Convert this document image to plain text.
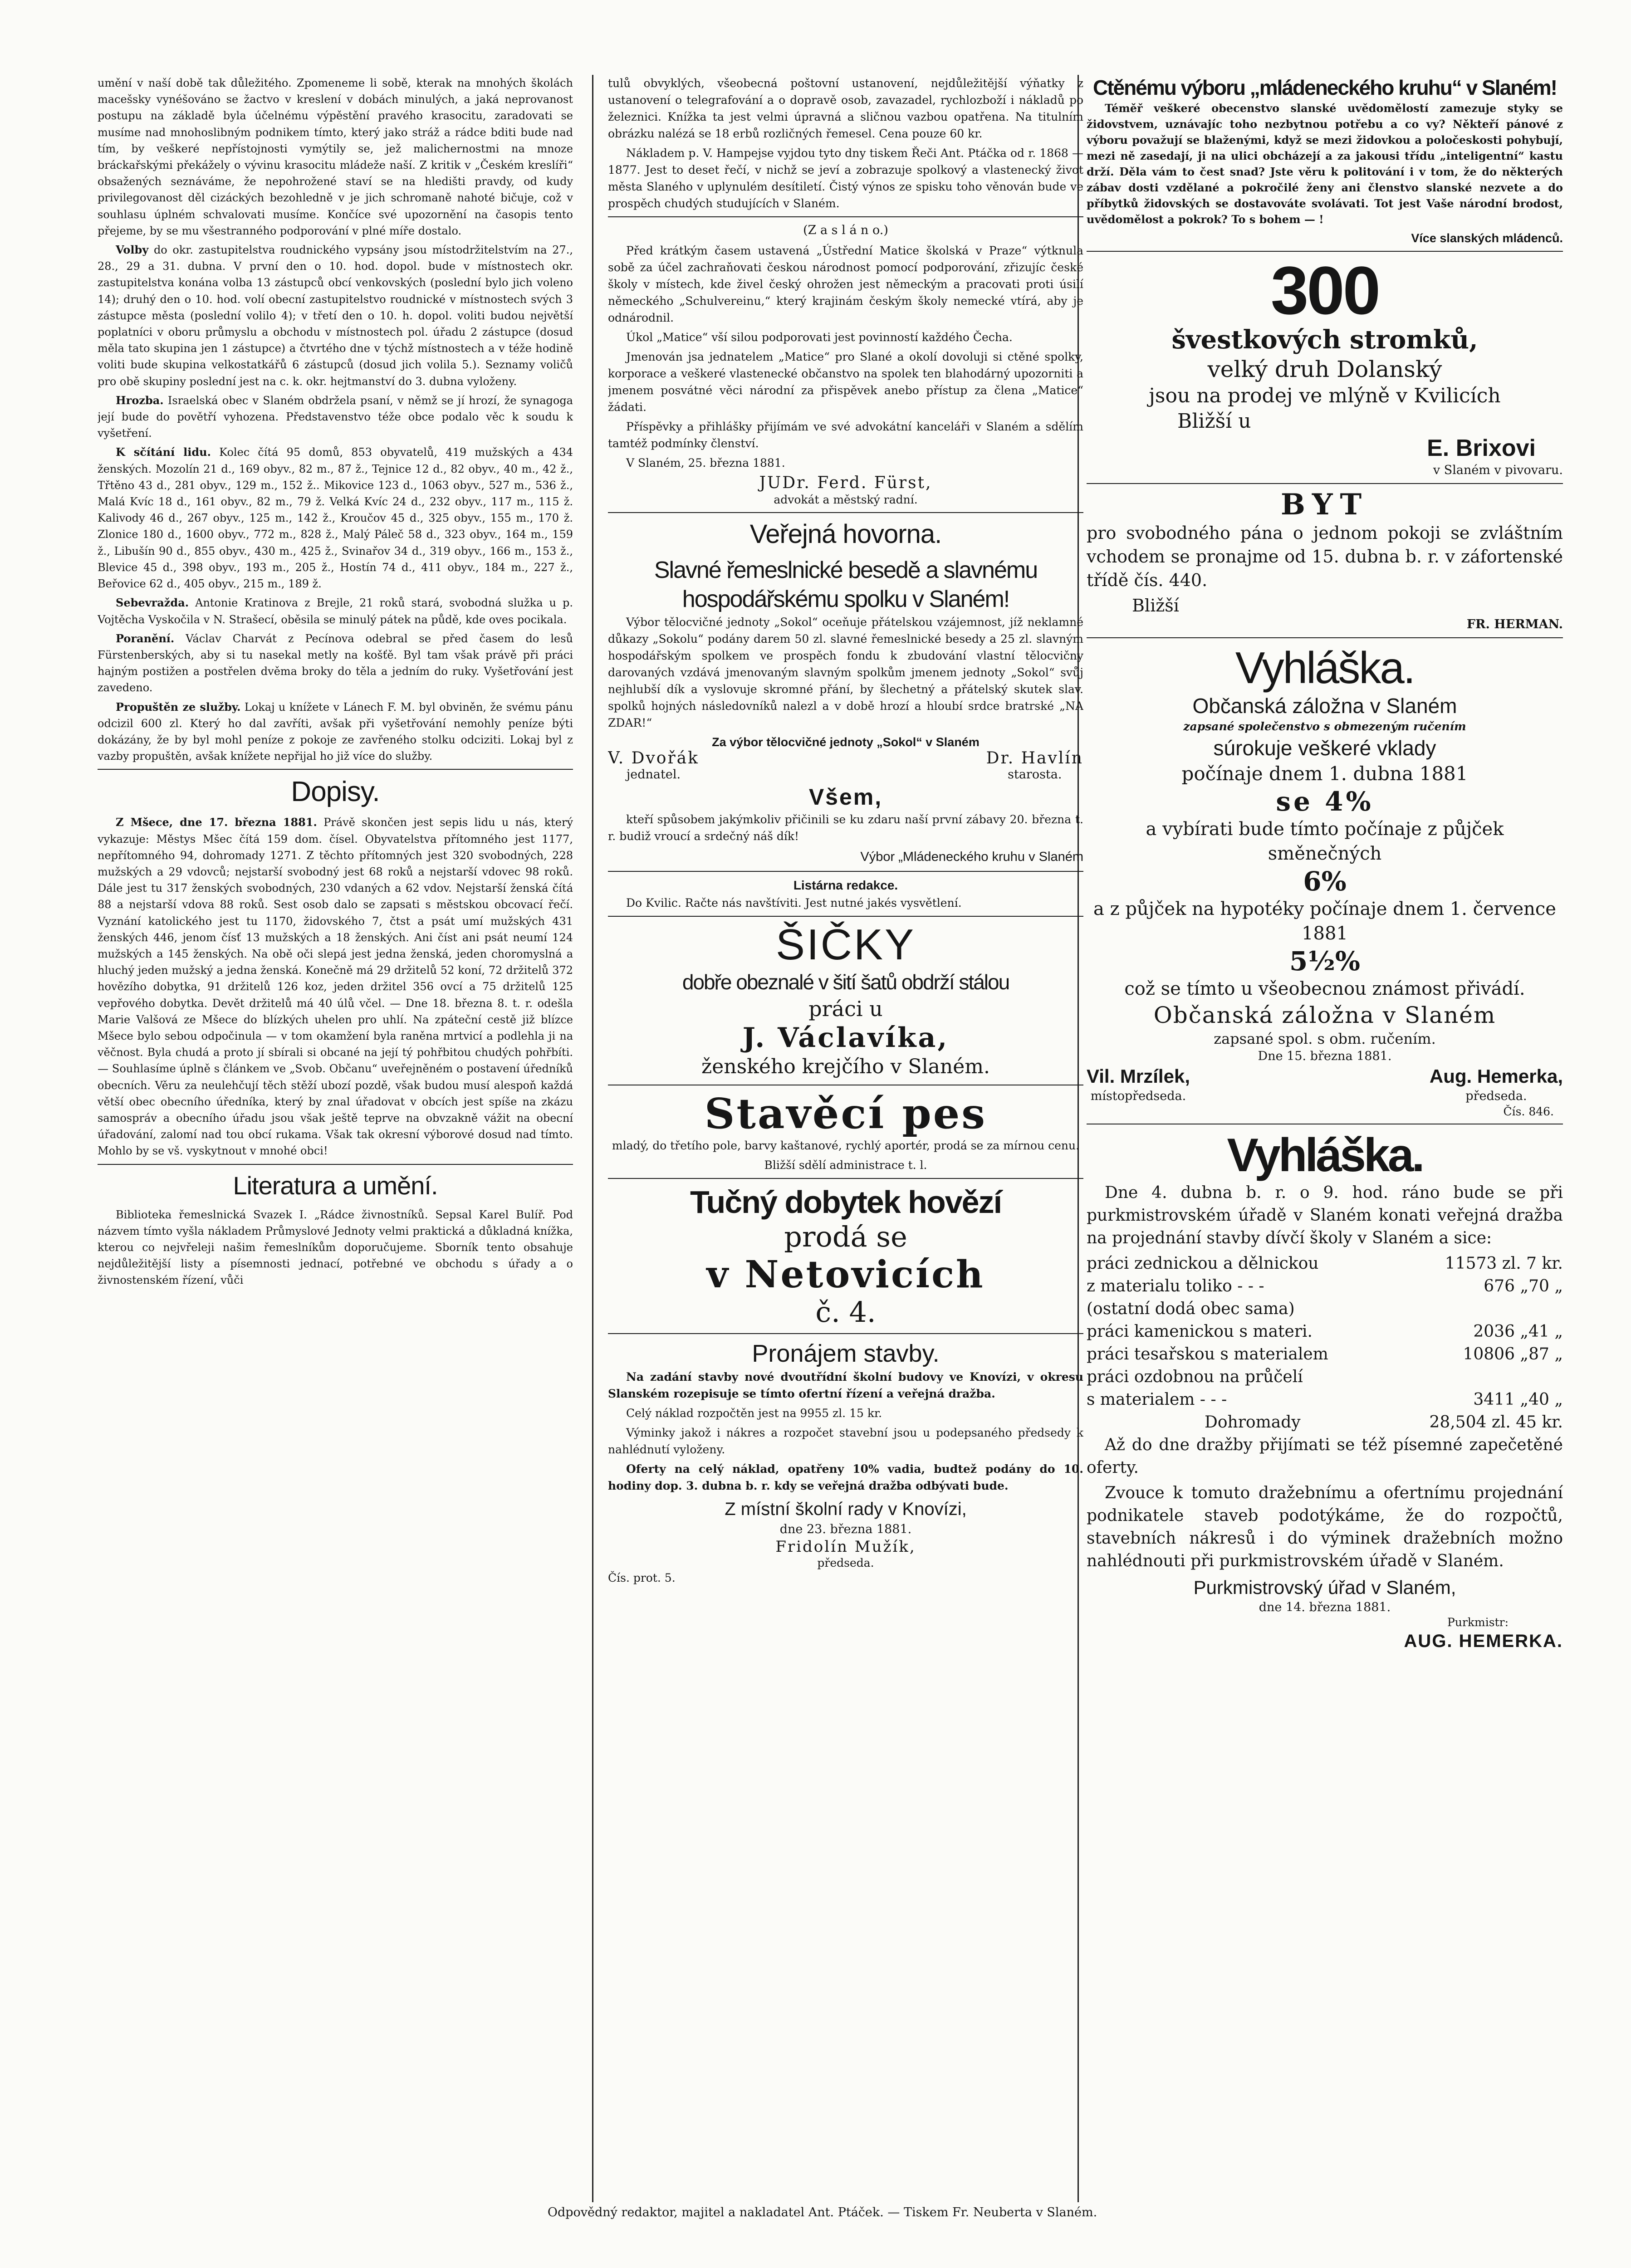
umění v naší době tak důležitého. Zpomeneme li sobě, kterak na mnohých školách macešsky vynéšováno se žactvo v kreslení v dobách minulých, a jaká neprovanost postupu na základě byla účelnému výpěstění pravého krasocitu, zaradovati se musíme nad mnohoslibným podnikem tímto, který jako stráž a rádce bditi bude nad tím, by veškeré nepřístojnosti vymýtily se, jež malichernostmi na mnoze bráckařskými překážely o vývinu krasocitu mládeže naší. Z kritik v „Českém kreslíři“ obsažených seznáváme, že nepohrožené staví se na hledišti pravdy, od kudy privilegovanost děl cizáckých bezohledně v je jich schromaně nahoté bičuje, což v souhlasu úplném schvalovati musíme. Končíce své upozornění na časopis tento přejeme, by se mu všestranného podporování v plné míře dostalo.

Volby do okr. zastupitelstva roudnického vypsány jsou místodržitelstvím na 27., 28., 29 a 31. dubna. V první den o 10. hod. dopol. bude v místnostech okr. zastupitelstva konána volba 13 zástupců obcí venkovských (poslední bylo jich voleno 14); druhý den o 10. hod. volí obecní zastupitelstvo roudnické v místnostech svých 3 zástupce města (poslední volilo 4); v třetí den o 10. h. dopol. voliti budou největší poplatníci v oboru průmyslu a obchodu v místnostech pol. úřadu 2 zástupce (dosud měla tato skupina jen 1 zástupce) a čtvrtého dne v týchž místnostech a v téže hodině voliti bude skupina velkostatkářů 6 zástupců (dosud jich volila 5.). Seznamy voličů pro obě skupiny poslední jest na c. k. okr. hejtmanství do 3. dubna vyloženy.

Hrozba. Israelská obec v Slaném obdržela psaní, v němž se jí hrozí, že synagoga její bude do povětří vyhozena. Představenstvo téže obce podalo věc k soudu k vyšetření.

K sčítání lidu. Kolec čítá 95 domů, 853 obyvatelů, 419 mužských a 434 ženských. Mozolín 21 d., 169 obyv., 82 m., 87 ž., Tejnice 12 d., 82 obyv., 40 m., 42 ž., Třtěno 43 d., 281 obyv., 129 m., 152 ž.. Mikovice 123 d., 1063 obyv., 527 m., 536 ž., Malá Kvíc 18 d., 161 obyv., 82 m., 79 ž. Velká Kvíc 24 d., 232 obyv., 117 m., 115 ž. Kalivody 46 d., 267 obyv., 125 m., 142 ž., Kroučov 45 d., 325 obyv., 155 m., 170 ž. Zlonice 180 d., 1600 obyv., 772 m., 828 ž., Malý Páleč 58 d., 323 obyv., 164 m., 159 ž., Libušín 90 d., 855 obyv., 430 m., 425 ž., Svinařov 34 d., 319 obyv., 166 m., 153 ž., Blevice 45 d., 398 obyv., 193 m., 205 ž., Hostín 74 d., 411 obyv., 184 m., 227 ž., Beřovice 62 d., 405 obyv., 215 m., 189 ž.

Sebevražda. Antonie Kratinova z Brejle, 21 roků stará, svobodná služka u p. Vojtěcha Vyskočila v N. Strašecí, oběsila se minulý pátek na půdě, kde oves pocikala.

Poranění. Václav Charvát z Pecínova odebral se před časem do lesů Fürstenberských, aby si tu nasekal metly na košťě. Byl tam však právě při práci hajným postižen a postřelen dvěma broky do těla a jedním do ruky. Vyšetřování jest zavedeno.

Propuštěn ze služby. Lokaj u knížete v Lánech F. M. byl obviněn, že svému pánu odcizil 600 zl. Který ho dal zavříti, avšak při vyšetřování nemohly peníze býti dokázány, že by byl mohl peníze z pokoje ze zavřeného stolku odciziti. Lokaj byl z vazby propuštěn, avšak knížete nepřijal ho již více do služby.

Dopisy.

Z Mšece, dne 17. března 1881. Právě skončen jest sepis lidu u nás, který vykazuje: Městys Mšec čítá 159 dom. čísel. Obyvatelstva přítomného jest 1177, nepřítomného 94, dohromady 1271. Z těchto přítomných jest 320 svobodných, 228 mužských a 29 vdovců; nejstarší svobodný jest 68 roků a nejstarší vdovec 98 roků. Dále jest tu 317 ženských svobodných, 230 vdaných a 62 vdov. Nejstarší ženská čítá 88 a nejstarší vdova 88 roků. Sest osob dalo se zapsati s městskou obcovací řečí. Vyznání katolického jest tu 1170, židovského 7, čtst a psát umí mužských 431 ženských 446, jenom čísť 13 mužských a 18 ženských. Ani číst ani psát neumí 124 mužských a 145 ženských. Na obě oči slepá jest jedna ženská, jeden choromyslná a hluchý jeden mužský a jedna ženská. Konečně má 29 držitelů 52 koní, 72 držitelů 372 hovězího dobytka, 91 držitelů 126 koz, jeden držitel 356 ovcí a 75 držitelů 125 vepřového dobytka. Devět držitelů má 40 úlů včel. — Dne 18. března 8. t. r. odešla Marie Valšová ze Mšece do blízkých uhelen pro uhlí. Na zpáteční cestě již blízce Mšece bylo sebou odpočinula — v tom okamžení byla raněna mrtvicí a podlehla ji na věčnost. Byla chudá a proto jí sbírali si obcané na její tý pohřbitou chudých pohřbíti. — Souhlasíme úplně s článkem ve „Svob. Občanu“ uveřejněném o postavení úředníků obecních. Věru za neulehčují těch stěží ubozí pozdě, však budou musí alespoň každá větší obec obecního úředníka, který by znal úřadovat v obcích jest spíše na zkázu samospráv a obecního úřadu jsou však ještě teprve na obvzakně vážit na obecní úřadování, zalomí nad tou obcí rukama. Však tak okresní výborové dosud nad tímto. Mohlo by se vš. vyskytnout v mnohé obci!

Literatura a umění.

Biblioteka řemeslnická Svazek I. „Rádce živnostníků. Sepsal Karel Bulíř. Pod názvem tímto vyšla nákladem Průmyslové Jednoty velmi praktická a důkladná knížka, kterou co nejvřeleji našim řemeslníkům doporučujeme. Sborník tento obsahuje nejdůležitější listy a písemnosti jednací, potřebné ve obchodu s úřady a o živnostenském řízení, vůči

tulů obvyklých, všeobecná poštovní ustanovení, nejdůležitější výňatky z ustanovení o telegrafování a o dopravě osob, zavazadel, rychlozboží i nákladů po železnici. Knížka ta jest velmi úpravná a sličnou vazbou opatřena. Na titulním obrázku nalézá se 18 erbů rozličných řemesel. Cena pouze 60 kr.

Nákladem p. V. Hampejse vyjdou tyto dny tiskem Řeči Ant. Ptáčka od r. 1868 — 1877. Jest to deset řečí, v nichž se jeví a zobrazuje spolkový a vlastenecký život města Slaného v uplynulém desítiletí. Čistý výnos ze spisku toho věnován bude ve prospěch chudých studujících v Slaném.

(Z a s l á n o.)

Před krátkým časem ustavená „Ústřední Matice školská v Praze“ výtknula sobě za účel zachraňovati českou národnost pomocí podporování, zřizujíc české školy v místech, kde živel český ohrožen jest německým a pracovati proti úsilí německého „Schulvereinu,“ který krajinám českým školy nemecké vtírá, aby je odnárodnil.

Úkol „Matice“ vší silou podporovati jest povinností každého Čecha.

Jmenován jsa jednatelem „Matice“ pro Slané a okolí dovoluji si ctěné spolky, korporace a veškeré vlastenecké občanstvo na spolek ten blahodárný upozorniti a jmenem posvátné věci národní za přispěvek anebo přístup za člena „Matice“ žádati.

Příspěvky a přihlášky přijímám ve své advokátní kanceláři v Slaném a sdělím tamtéž podmínky členství.

V Slaném, 25. března 1881.

JUDr. Ferd. Fürst,
advokát a městský radní.
Veřejná hovorna.
Slavné řemeslnické besedě a slavnému hospodářskému spolku v Slaném!

Výbor tělocvičné jednoty „Sokol“ oceňuje přátelskou vzájemnost, jíž neklamné důkazy „Sokolu“ podány darem 50 zl. slavné řemeslnické besedy a 25 zl. slavným hospodářským spolkem ve prospěch fondu k zbudování vlastní tělocvičny darovaných vzdává jmenovaným slavným spolkům jmenem jednoty „Sokol“ svůj nejhlubší dík a vyslovuje skromné přání, by šlechetný a přátelský skutek slav. spolků hojných následovníků nalezl a v době hrozí a hloubí srdce bratrské „NA ZDAR!“

Za výbor tělocvičné jednoty „Sokol“ v Slaném
V. Dvořák
jednatel.
Dr. Havlín
starosta.
Všem,

kteří spůsobem jakýmkoliv přičinili se ku zdaru naší první zábavy 20. března t. r. budiž vroucí a srdečný náš dík!

Výbor „Mládeneckého kruhu v Slaném
Listárna redakce.

Do Kvilic. Račte nás navštíviti. Jest nutné jakés vysvětlení.

ŠIČKY
dobře obeznalé v šití šatů obdrží stálou
práci u
J. Václavíka,
ženského krejčího v Slaném.
Stavěcí pes

mladý, do třetího pole, barvy kaštanové, rychlý aportér, prodá se za mírnou cenu.

Bližší sdělí administrace t. l.

Tučný dobytek hovězí
prodá se
v Netovicích
č. 4.
Pronájem stavby.

Na zadání stavby nové dvoutřídní školní budovy ve Knovízi, v okresu Slanském rozepisuje se tímto ofertní řízení a veřejná dražba.

Celý náklad rozpočtěn jest na 9955 zl. 15 kr.

Výminky jakož i nákres a rozpočet stavební jsou u podepsaného předsedy k nahlédnutí vyloženy.

Oferty na celý náklad, opatřeny 10% vadia, budtež podány do 10. hodiny dop. 3. dubna b. r. kdy se veřejná dražba odbývati bude.

Z místní školní rady v Knovízi,
dne 23. března 1881.
Fridolín Mužík,
předseda.
Čís. prot. 5.
Ctěnému výboru „mládeneckého kruhu“ v Slaném!

Téměř veškeré obecenstvo slanské uvědomělostí zamezuje styky se židovstvem, uznávajíc toho nezbytnou potřebu a co vy? Někteří pánové z výboru považují se blaženými, když se mezi židovkou a poločeskosti pohybují, mezi ně zasedají, ji na ulici obcházejí a za jakousi třídu „inteligentní“ kastu drží. Děla vám to čest snad? Jste věru k politování i v tom, že do některých zábav dosti vzdělané a pokročilé ženy ani členstvo slanské nezvete a do příbytků židovských se dostavováte svolávati. Tot jest Vaše národní brodost, uvědomělost a pokrok? To s bohem — !

Více slanských mládenců.
300
švestkových stromků,
velký druh Dolanský
jsou na prodej ve mlýně v Kvilicích
Bližší u
E. Brixovi
v Slaném v pivovaru.
BYT

pro svobodného pána o jednom pokoji se zvláštním vchodem se pronajme od 15. dubna b. r. v záfortenské třídě čís. 440.

Bližší
FR. HERMAN.
Vyhláška.
Občanská záložna v Slaném
zapsané společenstvo s obmezeným ručením
súrokuje veškeré vklady
počínaje dnem 1. dubna 1881
se 4%
a vybírati bude tímto počínaje z půjček směnečných
6%
a z půjček na hypotéky počínaje dnem 1. července 1881
5½%
což se tímto u všeobecnou známost přivádí.
Občanská záložna v Slaném
zapsané spol. s obm. ručením.
Dne 15. března 1881.
Vil. Mrzílek,
místopředseda.
Aug. Hemerka,
předseda.
Čís. 846.
Vyhláška.

Dne 4. dubna b. r. o 9. hod. ráno bude se při purkmistrovském úřadě v Slaném konati veřejná dražba na projednání stavby dívčí školy v Slaném a sice:

práci zednickou a dělnickou	11573 zl. 7 kr.
z materialu toliko - - -	676 „70 „
(ostatní dodá obec sama)
práci kamenickou s materi.	2036 „41 „
práci tesařskou s materialem	10806 „87 „
práci ozdobnou na průčelí
s materialem - - -	3411 „40 „
Dohromady	28,504 zl. 45 kr.

Až do dne dražby přijímati se též písemné zapečetěné oferty.

Zvouce k tomuto dražebnímu a ofertnímu projednání podnikatele staveb podotýkáme, že do rozpočtů, stavebních nákresů i do výminek dražebních možno nahlédnouti při purkmistrovském úřadě v Slaném.

Purkmistrovský úřad v Slaném,
dne 14. března 1881.
Purkmistr:
AUG. HEMERKA.
Odpovědný redaktor, majitel a nakladatel Ant. Ptáček. — Tiskem Fr. Neuberta v Slaném.
